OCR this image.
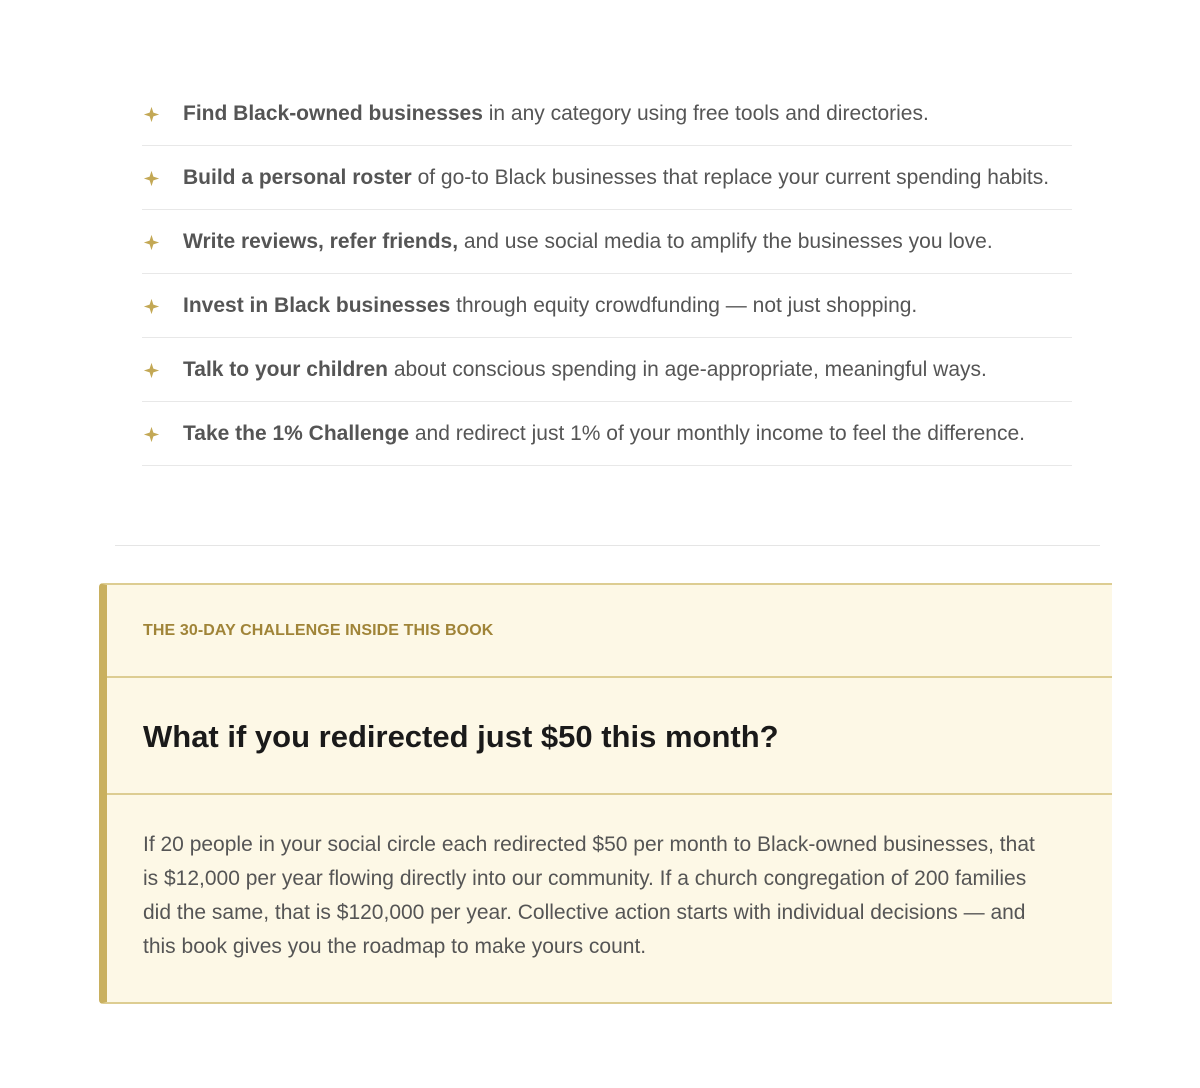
Find Black-owned businesses in any category using free tools and directories.
Build a personal roster of go-to Black businesses that replace your current spending habits.
Write reviews, refer friends, and use social media to amplify the businesses you love.
Invest in Black businesses through equity crowdfunding — not just shopping.
Talk to your children about conscious spending in age-appropriate, meaningful ways.
Take the 1% Challenge and redirect just 1% of your monthly income to feel the difference.
THE 30-DAY CHALLENGE INSIDE THIS BOOK
What if you redirected just $50 this month?

If 20 people in your social circle each redirected $50 per month to Black-owned businesses, that is $12,000 per year flowing directly into our community. If a church congregation of 200 families did the same, that is $120,000 per year. Collective action starts with individual decisions — and this book gives you the roadmap to make yours count.
